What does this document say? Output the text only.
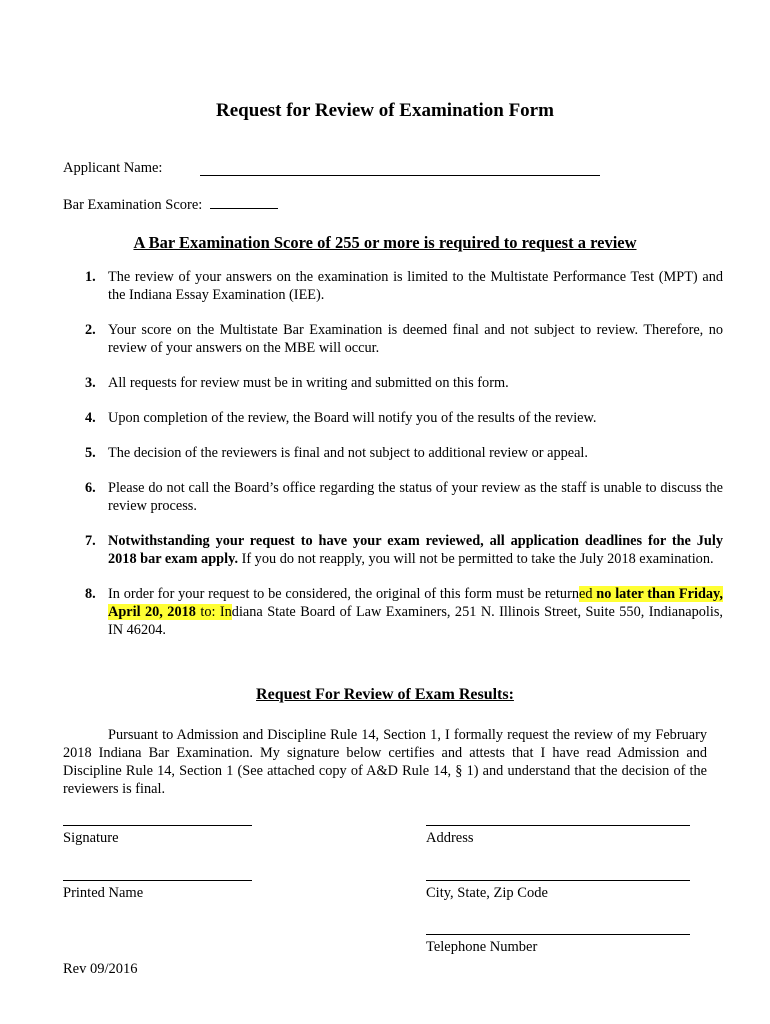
Request for Review of Examination Form
Applicant Name:
Bar Examination Score:
A Bar Examination Score of 255 or more is required to request a review
1. The review of your answers on the examination is limited to the Multistate Performance Test (MPT) and the Indiana Essay Examination (IEE).
2. Your score on the Multistate Bar Examination is deemed final and not subject to review. Therefore, no review of your answers on the MBE will occur.
3. All requests for review must be in writing and submitted on this form.
4. Upon completion of the review, the Board will notify you of the results of the review.
5. The decision of the reviewers is final and not subject to additional review or appeal.
6. Please do not call the Board’s office regarding the status of your review as the staff is unable to discuss the review process.
7. Notwithstanding your request to have your exam reviewed, all application deadlines for the July 2018 bar exam apply. If you do not reapply, you will not be permitted to take the July 2018 examination.
8. In order for your request to be considered, the original of this form must be returned no later than Friday, April 20, 2018 to: Indiana State Board of Law Examiners, 251 N. Illinois Street, Suite 550, Indianapolis, IN 46204.
Request For Review of Exam Results:
Pursuant to Admission and Discipline Rule 14, Section 1, I formally request the review of my February 2018 Indiana Bar Examination. My signature below certifies and attests that I have read Admission and Discipline Rule 14, Section 1 (See attached copy of A&D Rule 14, § 1) and understand that the decision of the reviewers is final.
Signature	Address
Printed Name	City, State, Zip Code
Telephone Number
Rev 09/2016
